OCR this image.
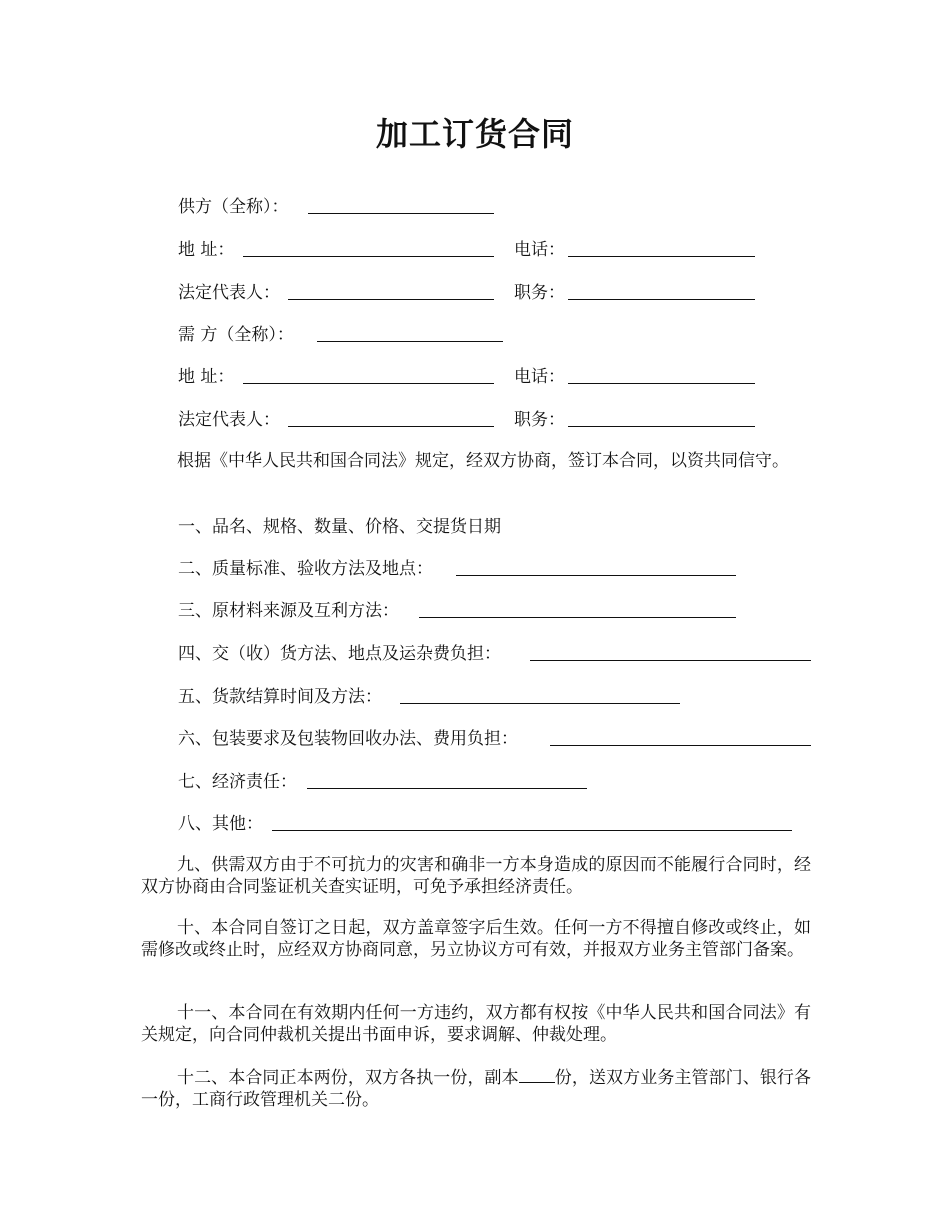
加工订货合同
供方（全称）：
地 址：	电话：
法定代表人：	职务：
需 方（全称）：
地 址：	电话：
法定代表人：	职务：
根据《中华人民共和国合同法》规定，经双方协商，签订本合同，以资共同信守。
一、品名、规格、数量、价格、交提货日期
二、质量标准、验收方法及地点：
三、原材料来源及互利方法：
四、交（收）货方法、地点及运杂费负担：
五、货款结算时间及方法：
六、包装要求及包装物回收办法、费用负担：
七、经济责任：
八、其他：
九、供需双方由于不可抗力的灾害和确非一方本身造成的原因而不能履行合同时，经双方协商由合同鉴证机关查实证明，可免予承担经济责任。
十、本合同自签订之日起，双方盖章签字后生效。任何一方不得擅自修改或终止，如需修改或终止时，应经双方协商同意，另立协议方可有效，并报双方业务主管部门备案。
十一、本合同在有效期内任何一方违约，双方都有权按《中华人民共和国合同法》有关规定，向合同仲裁机关提出书面申诉，要求调解、仲裁处理。
十二、本合同正本两份，双方各执一份，副本 份，送双方业务主管部门、银行各一份，工商行政管理机关二份。
